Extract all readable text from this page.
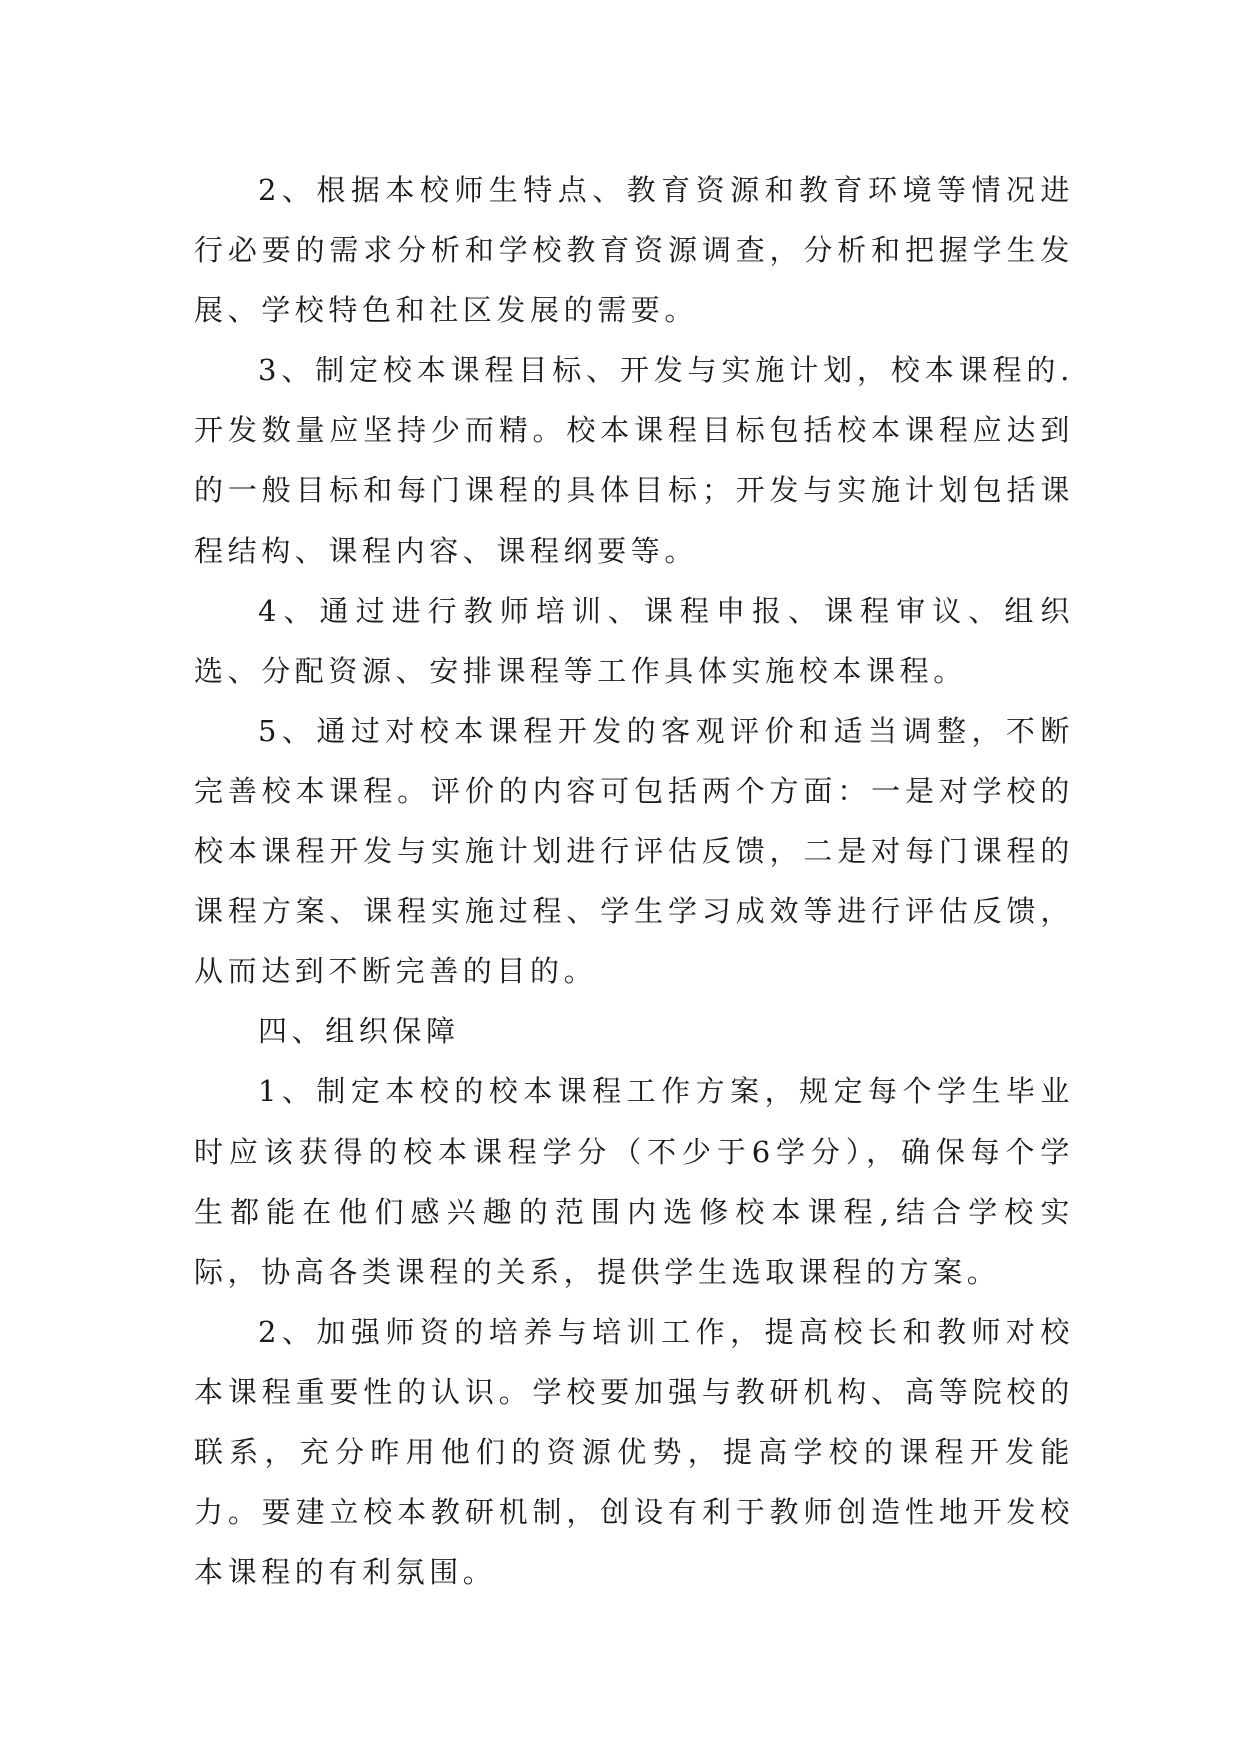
2、根据本校师生特点、教育资源和教育环境等情况进行必要的需求分析和学校教育资源调查，分析和把握学生发展、学校特色和社区发展的需要。

3、制定校本课程目标、开发与实施计划，校本课程的.开发数量应坚持少而精。校本课程目标包括校本课程应达到的一般目标和每门课程的具体目标；开发与实施计划包括课程结构、课程内容、课程纲要等。

4、通过进行教师培训、课程申报、课程审议、组织选、分配资源、安排课程等工作具体实施校本课程。

5、通过对校本课程开发的客观评价和适当调整，不断完善校本课程。评价的内容可包括两个方面：一是对学校的校本课程开发与实施计划进行评估反馈，二是对每门课程的课程方案、课程实施过程、学生学习成效等进行评估反馈，从而达到不断完善的目的。

四、组织保障

1、制定本校的校本课程工作方案，规定每个学生毕业时应该获得的校本课程学分（不少于6学分），确保每个学生都能在他们感兴趣的范围内选修校本课程,结合学校实际，协高各类课程的关系，提供学生选取课程的方案。

2、加强师资的培养与培训工作，提高校长和教师对校本课程重要性的认识。学校要加强与教研机构、高等院校的联系，充分昨用他们的资源优势，提高学校的课程开发能力。要建立校本教研机制，创设有利于教师创造性地开发校本课程的有利氛围。
